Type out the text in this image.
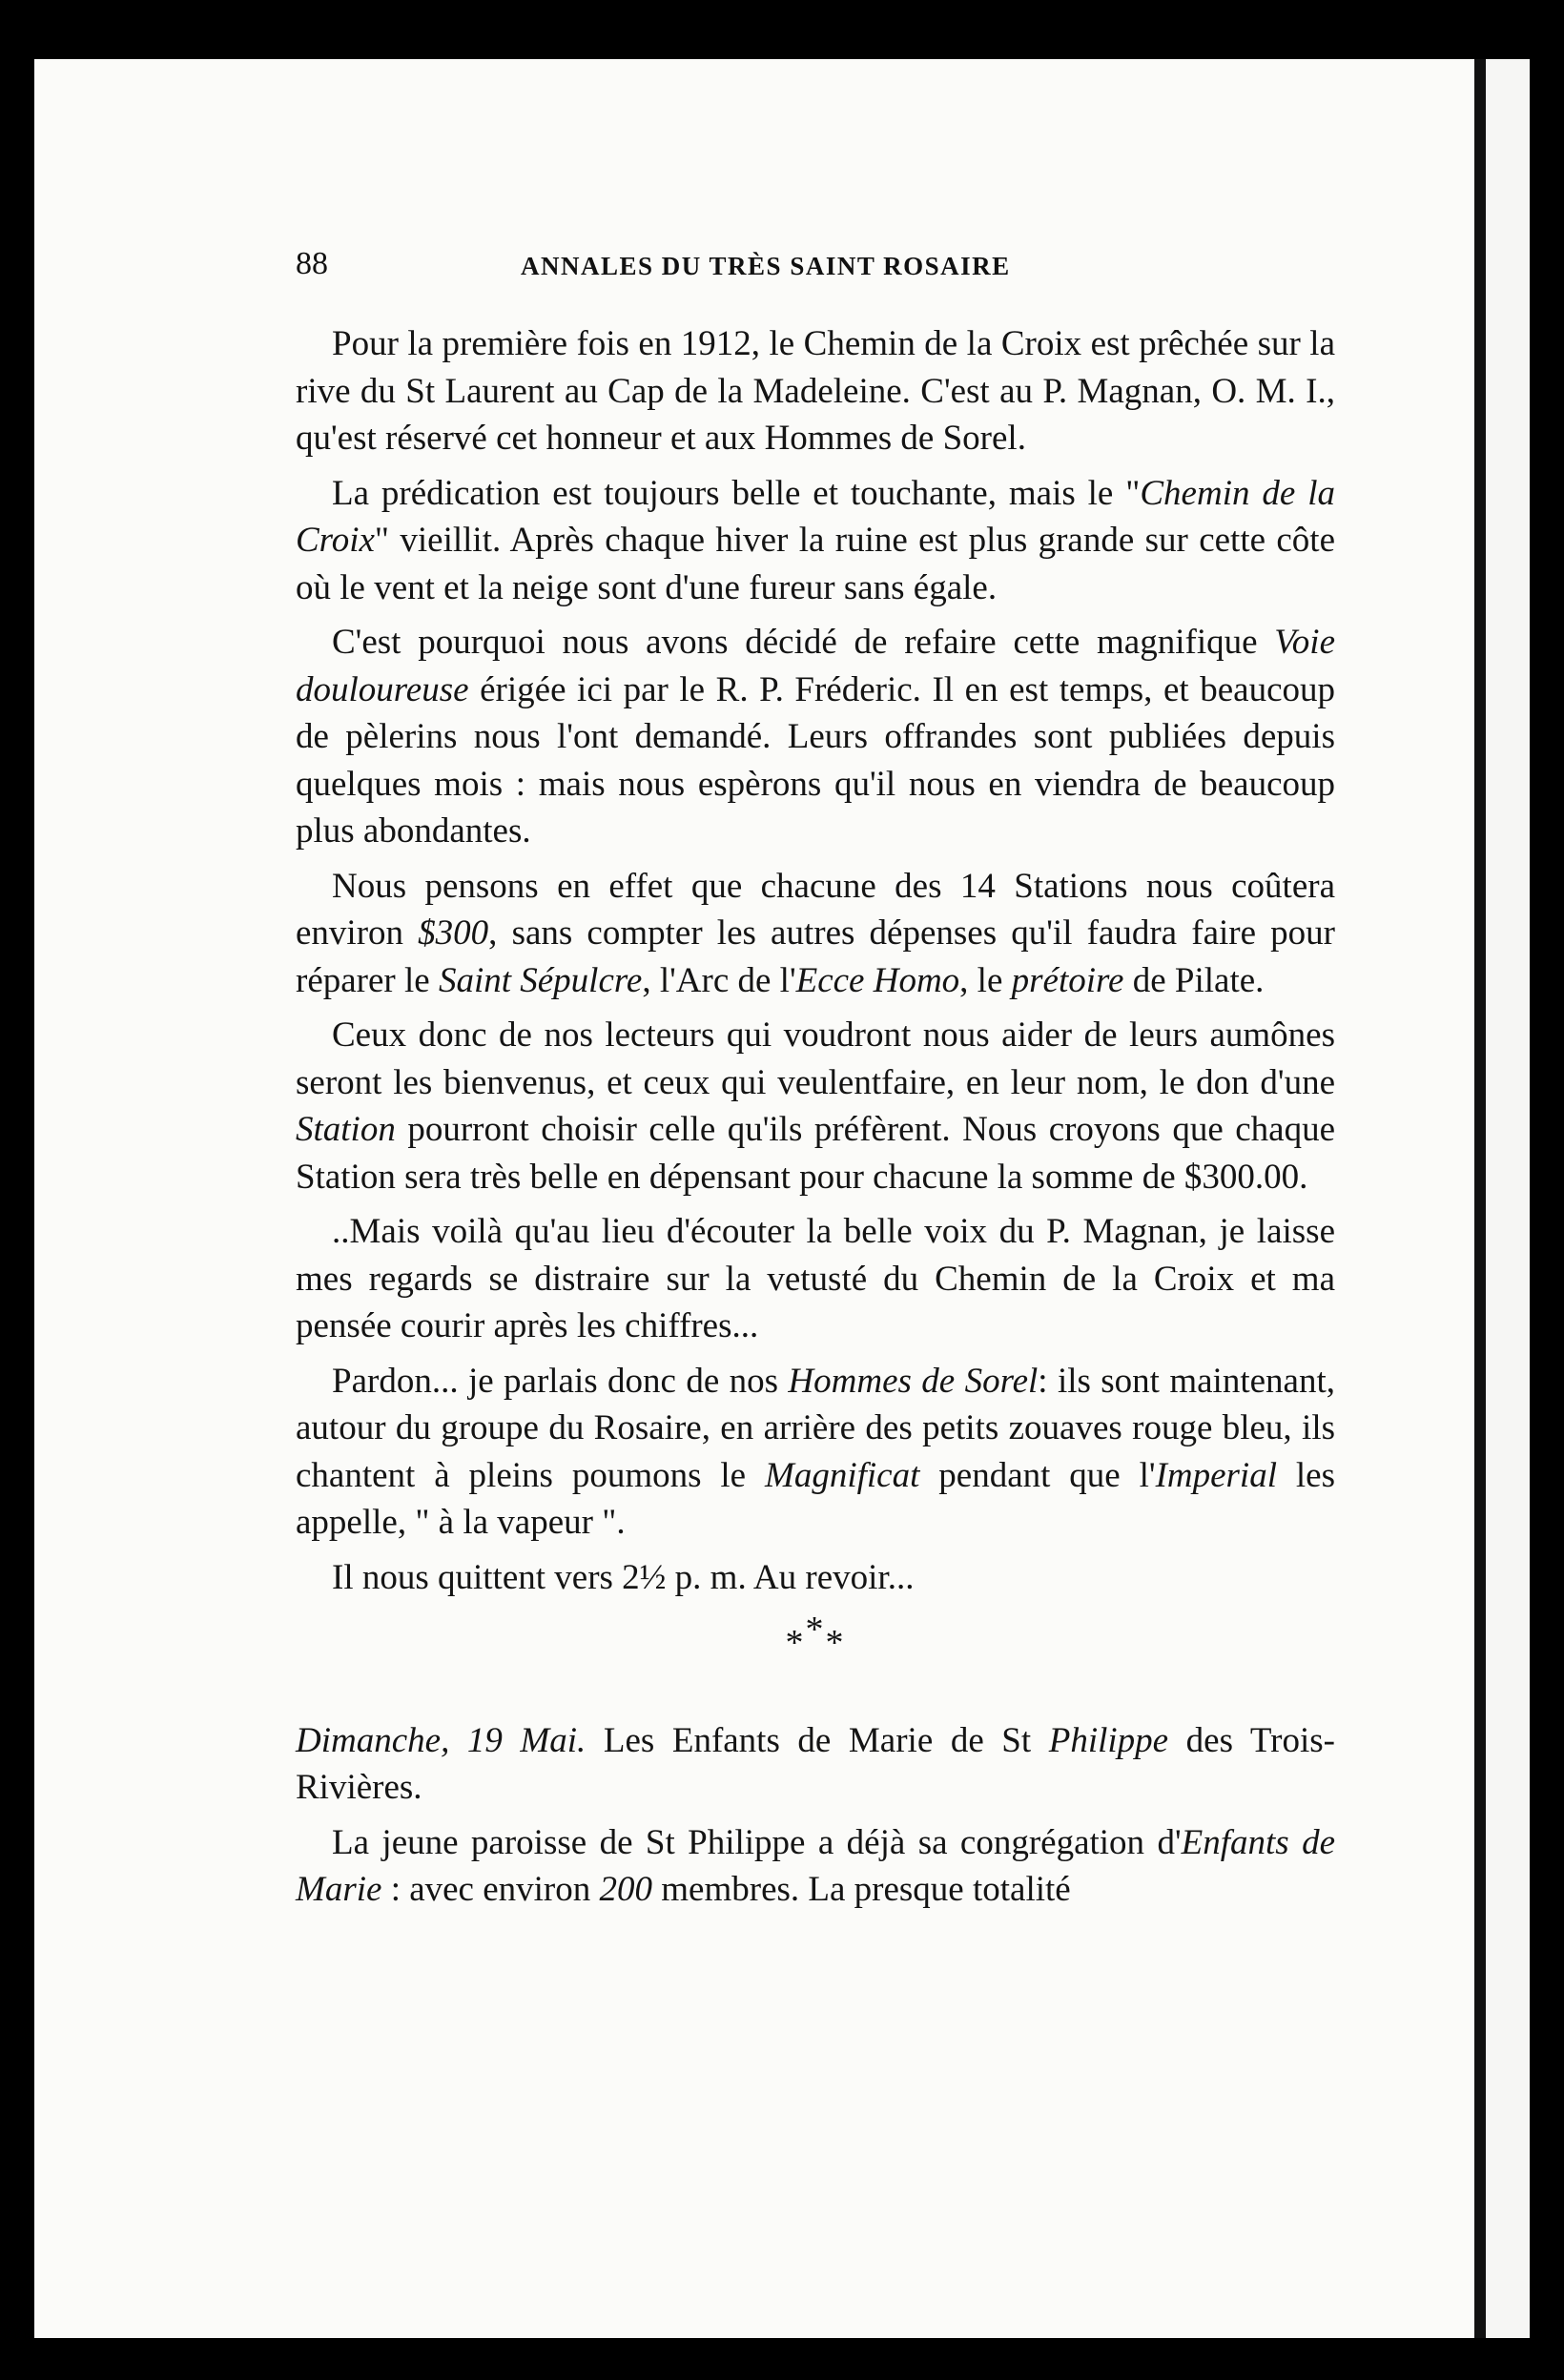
88	ANNALES DU TRÈS SAINT ROSAIRE

Pour la première fois en 1912, le Chemin de la Croix est prêchée sur la rive du St Laurent au Cap de la Madeleine. C'est au P. Magnan, O. M. I., qu'est réservé cet honneur et aux Hommes de Sorel.

La prédication est toujours belle et touchante, mais le "Chemin de la Croix" vieillit. Après chaque hiver la ruine est plus grande sur cette côte où le vent et la neige sont d'une fureur sans égale.

C'est pourquoi nous avons décidé de refaire cette magnifique Voie douloureuse érigée ici par le R. P. Fréderic. Il en est temps, et beaucoup de pèlerins nous l'ont demandé. Leurs offrandes sont publiées depuis quelques mois : mais nous espèrons qu'il nous en viendra de beaucoup plus abondantes.

Nous pensons en effet que chacune des 14 Stations nous coûtera environ $300, sans compter les autres dépenses qu'il faudra faire pour réparer le Saint Sépulcre, l'Arc de l'Ecce Homo, le prétoire de Pilate.

Ceux donc de nos lecteurs qui voudront nous aider de leurs aumônes seront les bienvenus, et ceux qui veulentfaire, en leur nom, le don d'une Station pourront choisir celle qu'ils préfèrent. Nous croyons que chaque Station sera très belle en dépensant pour chacune la somme de $300.00.

..Mais voilà qu'au lieu d'écouter la belle voix du P. Magnan, je laisse mes regards se distraire sur la vetusté du Chemin de la Croix et ma pensée courir après les chiffres...

Pardon... je parlais donc de nos Hommes de Sorel: ils sont maintenant, autour du groupe du Rosaire, en arrière des petits zouaves rouge bleu, ils chantent à pleins poumons le Magnificat pendant que l'Imperial les appelle, " à la vapeur ".

Il nous quittent vers 2½ p. m. Au revoir...

***

Dimanche, 19 Mai. Les Enfants de Marie de St Philippe des Trois-Rivières.

La jeune paroisse de St Philippe a déjà sa congrégation d'Enfants de Marie : avec environ 200 membres. La presque totalité
